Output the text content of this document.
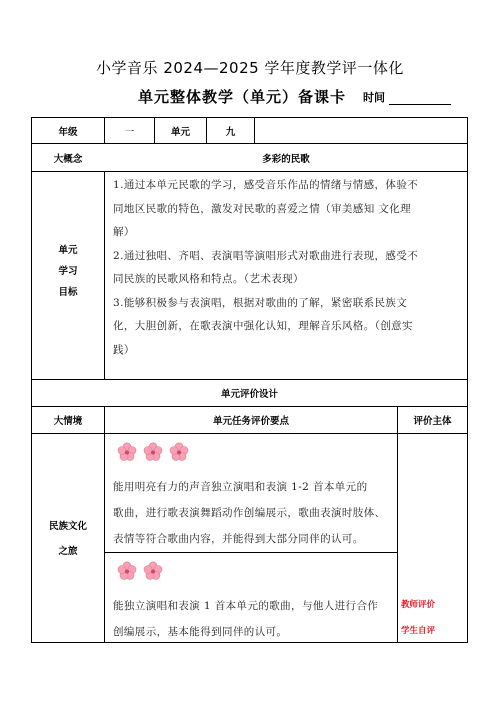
小学音乐 2024—2025 学年度教学评一体化
单元整体教学（单元）备课卡	时间
年级	一	单元	九
大概念	多彩的民歌
单元
学习
目标
1.通过本单元民歌的学习，感受音乐作品的情绪与情感，体验不
同地区民歌的特色，激发对民歌的喜爱之情（审美感知 文化理
解）
2.通过独唱、齐唱、表演唱等演唱形式对歌曲进行表现，感受不
同民族的民歌风格和特点。（艺术表现）
3.能够积极参与表演唱，根据对歌曲的了解，紧密联系民族文
化，大胆创新，在歌表演中强化认知，理解音乐风格。（创意实
践）
单元评价设计
大情境	单元任务评价要点	评价主体
民族文化
之旅
能用明亮有力的声音独立演唱和表演 1-2 首本单元的
歌曲，进行歌表演舞蹈动作创编展示，歌曲表演时肢体、
表情等符合歌曲内容，并能得到大部分同伴的认可。
能独立演唱和表演 1 首本单元的歌曲，与他人进行合作
创编展示，基本能得到同伴的认可。
教师评价
学生自评
